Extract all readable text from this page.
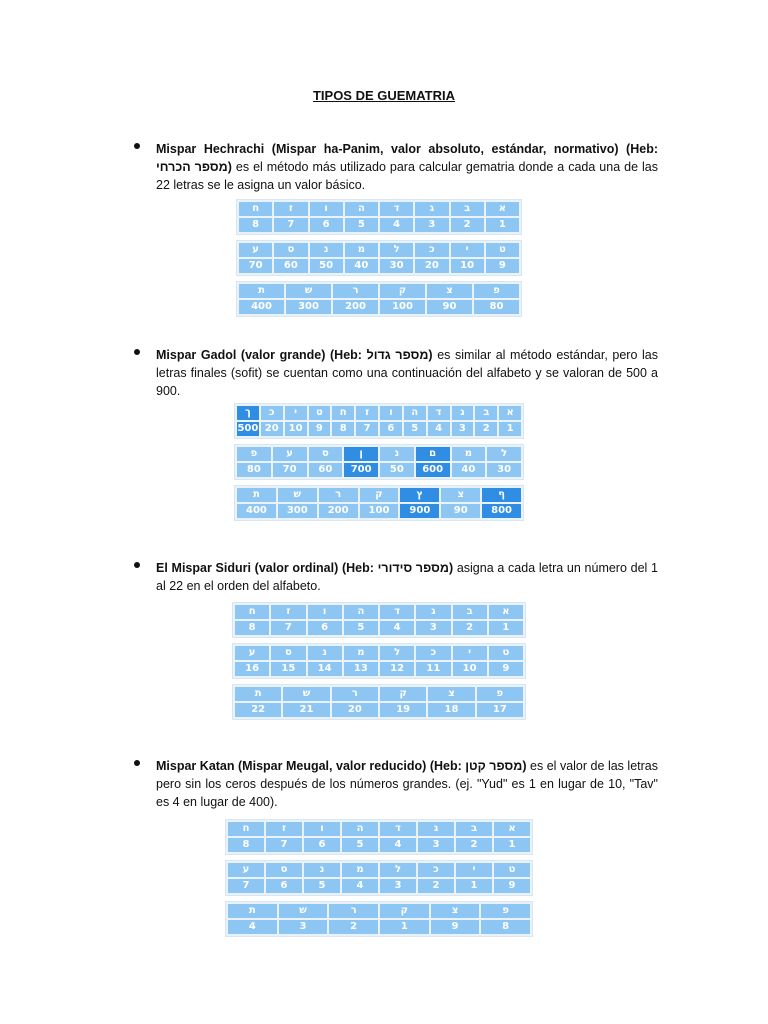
TIPOS DE GUEMATRIA
Mispar Hechrachi (Mispar ha-Panim, valor absoluto, estándar, normativo) (Heb: מספר הכרחי) es el método más utilizado para calcular gematria donde a cada una de las 22 letras se le asigna un valor básico.
ח	ז	ו	ה	ד	ג	ב	א
8	7	6	5	4	3	2	1
ע	ס	נ	מ	ל	כ	י	ט
70	60	50	40	30	20	10	9
ת	ש	ר	ק	צ	פ
400	300	200	100	90	80
Mispar Gadol (valor grande) (Heb: מספר גדול) es similar al método estándar, pero las letras finales (sofit) se cuentan como una continuación del alfabeto y se valoran de 500 a 900.
ך	כ	י	ט	ח	ז	ו	ה	ד	ג	ב	א
500 20 10	9	8	7	6	5	4	3	2	1
פ	ע	ס	ן	נ	ם	מ	ל
80	70	60	700	50	600	40	30
ת	ש	ר	ק	ץ	צ	ף
400	300	200	100	900	90	800
El Mispar Siduri (valor ordinal) (Heb: מספר סידורי) asigna a cada letra un número del 1 al 22 en el orden del alfabeto.
ח	ז	ו	ה	ד	ג	ב	א
8	7	6	5	4	3	2	1
ע	ס	נ	מ	ל	כ	י	ט
16	15	14	13	12	11	10	9
ת	ש	ר	ק	צ	פ
22	21	20	19	18	17
Mispar Katan (Mispar Meugal, valor reducido) (Heb: מספר קטן) es el valor de las letras pero sin los ceros después de los números grandes. (ej. "Yud" es 1 en lugar de 10, "Tav" es 4 en lugar de 400).
ח	ז	ו	ה	ד	ג	ב	א
8	7	6	5	4	3	2	1
ע	ס	נ	מ	ל	כ	י	ט
7	6	5	4	3	2	1	9
ת	ש	ר	ק	צ	פ
4	3	2	1	9	8
